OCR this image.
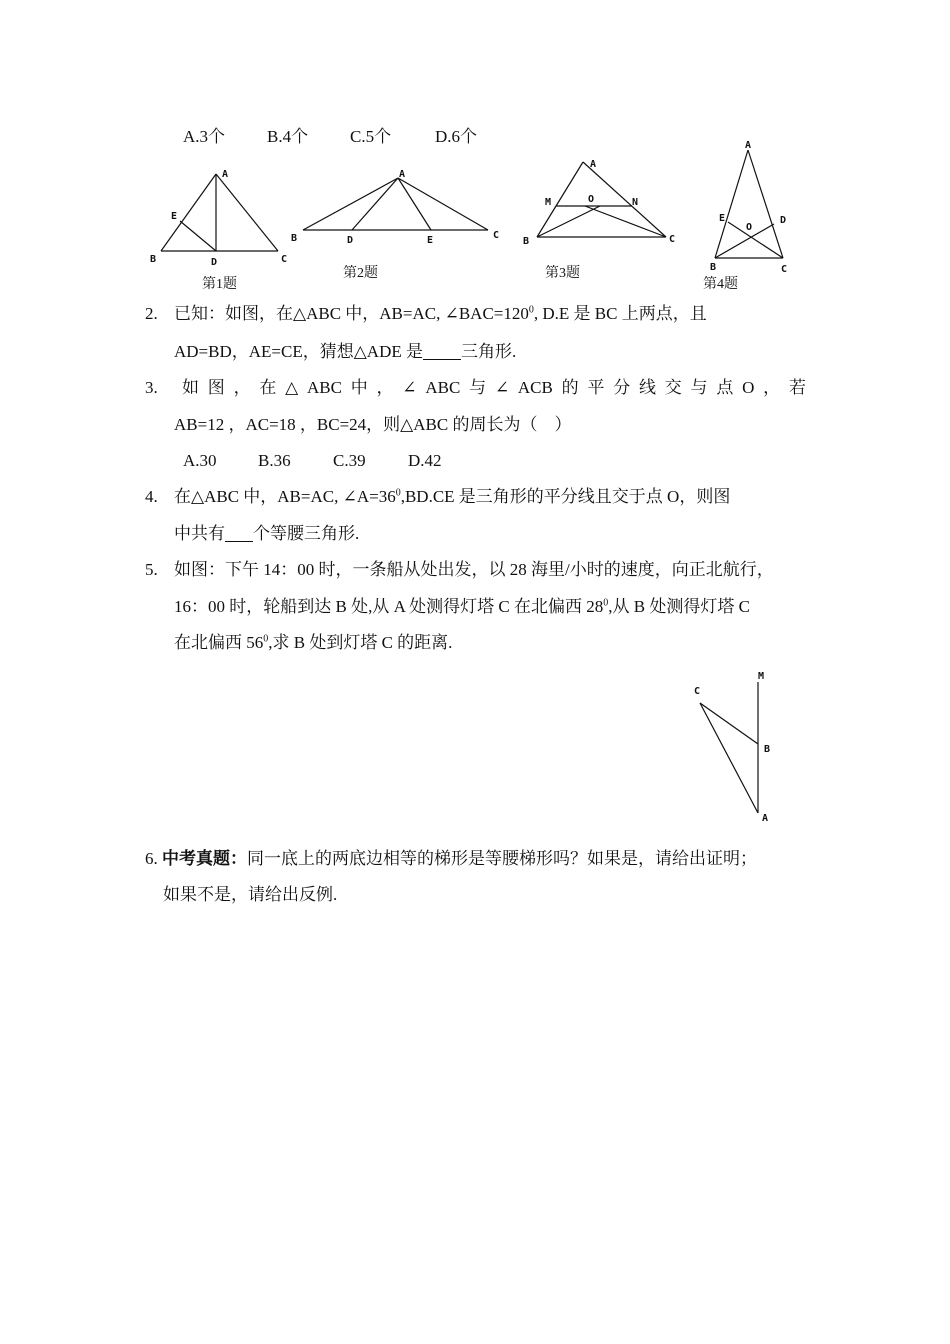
A.3个 B.4个 C.5个	D.6个
A
B	C
D
E
A
B	C
D	E
A
B	C
M	N
O
A
B	C
D
E
O
第1题
第2题	第3题
第4题
2. 已知：如图，在△ABC 中，AB=AC, $\angle BAC=120^0$, D.E 是 BC 上两点，且
AD=BD，AE=CE，猜想△ADE 是 三角形.
3. 如 图 ， 在 △ ABC 中 ， ∠ ABC 与 ∠ ACB 的 平 分 线 交 与 点 O ， 若
AB=12 ，AC=18 ，BC=24，则△ABC 的周长为（　）
A.30 B.36 C.39 D.42
4. 在△ABC 中，AB=AC, $\angle A=36^0,BD.CE$ 是三角形的平分线且交于点 O，则图
中共有 个等腰三角形.
5. 如图：下午 14：00 时，一条船从处出发，以 28 海里/小时的速度，向正北航行，
16：00 时，轮船到达 B 处,从 A 处测得灯塔 C 在北偏西 $28^0$,从 B 处测得灯塔 C
在北偏西 $56^0$,求 B 处到灯塔 C 的距离.
M
C
B
A
6. 中考真题：同一底上的两底边相等的梯形是等腰梯形吗？如果是，请给出证明；
如果不是，请给出反例.
